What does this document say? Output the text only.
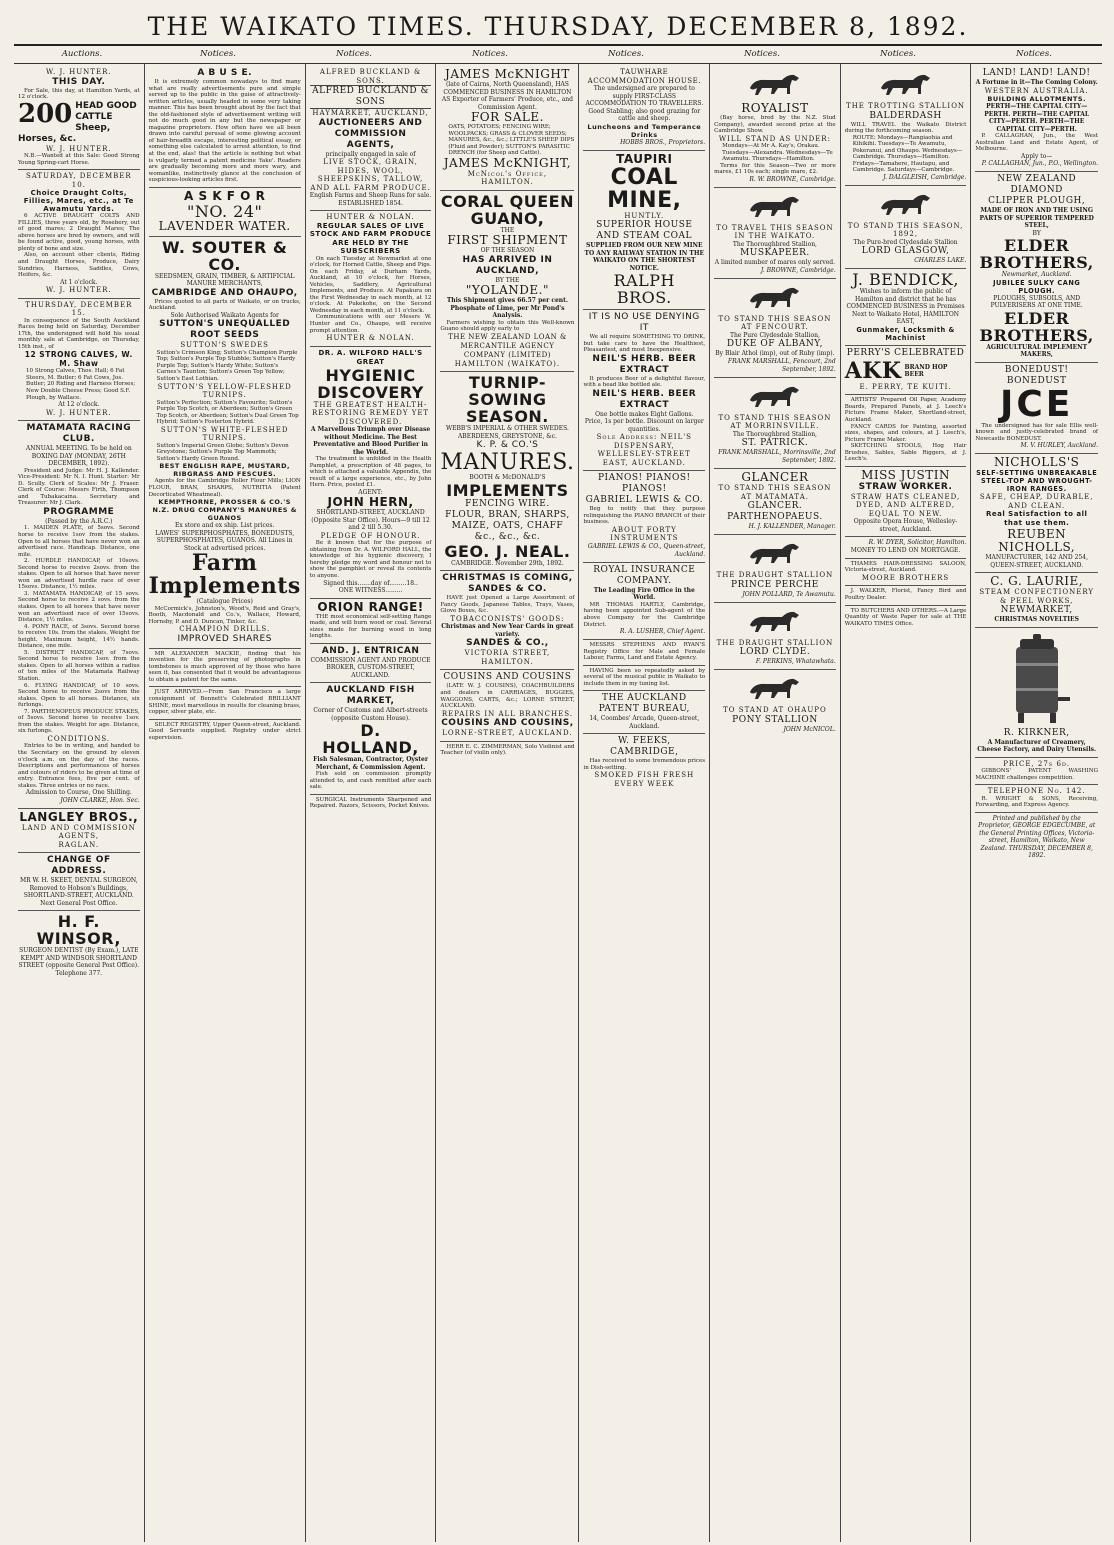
THE WAIKATO TIMES. THURSDAY, DECEMBER 8, 1892.
Auctions.	Notices.	Notices.	Notices.	Notices.	Notices.	Notices.	Notices.
W. J. HUNTER.
THIS DAY.
For Sale, this day, at Hamilton Yards, at 12 o'clock.
200 HEAD GOOD CATTLE Sheep, Horses, &c.
W. J. HUNTER.
N.B.—Wanted at this Sale: Good Strong Young Spring-cart Horse.
SATURDAY, DECEMBER 10.
Choice Draught Colts, Fillies, Mares, etc., at Te Awamutu Yards.
6 ACTIVE DRAUGHT COLTS AND FILLIES, three years old, by Rosebery, out of good mares; 2 Draught Mares; The above horses are bred by owners, and will be found active, good, young horses, with plenty of bone and size.
Also, on account other clients, Riding and Draught Horses, Produce, Dairy Sundries, Harness, Saddles, Cows, Heifers, &c.
At 1 o'clock.
W. J. HUNTER.
THURSDAY, DECEMBER 15.
In consequence of the South Auckland Races being held on Saturday, December 17th, the undersigned will hold his usual monthly sale at Cambridge, on Thursday, 15th inst., of
12 STRONG CALVES, W. M. Shaw
10 Strong Calves, Thos. Hall; 6 Fat Steers, M. Butler; 6 Fat Cows, Jos. Butler; 20 Riding and Harness Horses; New Double Cheese Press; Good S.F. Plough, by Wallace.
At 12 o'clock.
W. J. HUNTER.
MATAMATA RACING CLUB.
ANNUAL MEETING. To be held on BOXING DAY (MONDAY, 26TH DECEMBER, 1892).
President and Judge: Mr H. J. Kallender. Vice-President: Mr N. I. Hunt. Starter: Mr D. Scully. Clerk of Scales: Mr J. Fraser. Clerk of Course: Messrs Firth, Thompson and Tubakacaina. Secretary and Treasurer: Mr J. Clark.
PROGRAMME
(Passed by the A.R.C.)
1. MAIDEN PLATE, of 5sovs. Second horse to receive 1sov from the stakes. Open to all horses that have never won an advertised race. Handicap. Distance, one mile.
2. HURDLE HANDICAP, of 10sovs. Second horse to receive 2sovs. from the stakes. Open to all horses that have never won an advertised hurdle race of over 15sovs. Distance, 1½ miles.
3. MATAMATA HANDICAP, of 15 sovs. Second horse to receive 2 sovs. from the stakes. Open to all horses that have never won an advertised race of over 15sovs. Distance, 1½ miles.
4. PONY RACE, of 3sovs. Second horse to receive 10s. from the stakes. Weight for height. Maximum height, 14½ hands. Distance, one mile.
5. DISTRICT HANDICAP, of 7sovs. Second horse to receive 1sov. from the stakes. Open to all horses within a radius of ten miles of the Matamata Railway Station.
6. FLYING HANDICAP, of 10 sovs. Second horse to receive 2sovs from the stakes. Open to all horses. Distance, six furlongs.
7. PARTHENOPEUS PRODUCE STAKES, of 5sovs. Second horse to receive 1sov. from the stakes. Weight for age. Distance, six furlongs.
CONDITIONS.
Entries to be in writing, and handed to the Secretary on the ground by eleven o'clock a.m. on the day of the races. Descriptions and performances of horses and colours of riders to be given at time of entry. Entrance fees, five per cent. of stakes. Three entries or no race.
Admission to Course, One Shilling.
JOHN CLARKE, Hon. Sec.
LANGLEY BROS.,
LAND AND COMMISSION AGENTS,
RAGLAN.
CHANGE OF ADDRESS.
MR W. H. SKEET, DENTAL SURGEON, Removed to Hobson's Buildings, SHORTLAND-STREET, AUCKLAND. Next General Post Office.
H. F. WINSOR,
SURGEON DENTIST (By Exam.), LATE KEMPT AND WINDSOR SHORTLAND STREET (opposite General Post Office). Telephone 377.
A B U S E.
It is extremely common nowadays to find many what are really advertisements pure and simple served up to the public in the guise of attractively-written articles, usually headed in some very taking manner. This has been brought about by the fact that the old-fashioned style of advertisement writing will not do much good in any but the newspaper or magazine proprietors. How often have we all been drawn into careful perusal of some glowing account of hair-breadth escape, interesting political essay, or something else calculated to arrest attention, to find at the end, alas! that the article is nothing but what is vulgarly termed a patent medicine 'fake'. Readers are gradually becoming more and more wary, and womanlike, instinctively glance at the conclusion of suspicious-looking articles first.
A S K F O R
"NO. 24"
LAVENDER WATER.
W. SOUTER & CO.
SEEDSMEN, GRAIN, TIMBER, & ARTIFICIAL MANURE MERCHANTS,
CAMBRIDGE AND OHAUPO,
Prices quoted to all parts of Waikato, or on trucks, Auckland.
Sole Authorised Waikato Agents for
SUTTON'S UNEQUALLED ROOT SEEDS
SUTTON'S SWEDES
Sutton's Crimson King; Sutton's Champion Purple Top; Sutton's Purple Top Stubble; Sutton's Hardy Purple Top; Sutton's Hardy White; Sutton's Carnes's Taunton; Sutton's Green Top Yellow; Sutton's East Lothian.
SUTTON'S YELLOW-FLESHED TURNIPS.
Sutton's Perfection; Sutton's Favourite; Sutton's Purple Top Scotch, or Aberdeen; Sutton's Green Top Scotch, or Aberdeen; Sutton's Dual Green Top Hybrid; Sutton's Fosterton Hybrid.
SUTTON'S WHITE-FLESHED TURNIPS.
Sutton's Imperial Green Globe; Sutton's Devon Greystone; Sutton's Purple Top Mammoth; Sutton's Hardy Green Round.
BEST ENGLISH RAPE, MUSTARD, RIBGRASS AND FESCUES.
Agents for the Cambridge Roller Flour Mills; LION FLOUR, BRAN, SHARPS, NUTRITIA (Patent Decorticated Wheatmeal).
KEMPTHORNE, PROSSER & CO.'S N.Z. DRUG COMPANY'S MANURES & GUANOS
Ex store and ex ship. List prices.
LAWES' SUPERPHOSPHATES, BONEDUSTS, SUPERPHOSPHATES, GUANOS. All Lines in Stock at advertised prices.
Farm Implements
(Catalogue Prices)
McCormick's, Johnston's, Wood's, Reid and Gray's, Booth, Macdonald and Co.'s, Wallace, Howard, Hornsby, P. and D. Duncan, Tinker, &c.
CHAMPION DRILLS.
IMPROVED SHARES
MR ALEXANDER MACKIE, finding that his invention for the preserving of photographs in tombstones is much approved of by those who have seen it, has consented that it would be advantageous to obtain a patent for the same.
JUST ARRIVED.—From San Francisco a large consignment of Bennett's Celebrated BRILLIANT SHINE, most marvellous in results for cleaning brass, copper, silver plate, etc.
SELECT REGISTRY, Upper Queen-street, Auckland. Good Servants supplied. Registry under strict supervision.
ALFRED BUCKLAND & SONS.
ALFRED BUCKLAND & SONS
HAYMARKET, AUCKLAND,
AUCTIONEERS AND COMMISSION AGENTS,
principally engaged in sale of
LIVE STOCK, GRAIN, HIDES, WOOL, SHEEPSKINS, TALLOW, AND ALL FARM PRODUCE.
English Farms and Sheep Runs for sale.
ESTABLISHED 1854.
HUNTER & NOLAN.
REGULAR SALES OF LIVE STOCK AND FARM PRODUCE ARE HELD BY THE SUBSCRIBERS
On each Tuesday at Newmarket at one o'clock, for Horned Cattle, Sheep and Pigs. On each Friday, at Durham Yards, Auckland, at 10 o'clock, for Horses, Vehicles, Saddlery, Agricultural Implements, and Produce. At Papakura on the First Wednesday in each month, at 12 o'clock. At Pukekohe, on the Second Wednesday in each month, at 11 o'clock.
Communications with our Messrs W. Hunter and Co., Ohaupo, will receive prompt attention.
HUNTER & NOLAN.
DR. A. WILFORD HALL'S GREAT
HYGIENIC DISCOVERY
THE GREATEST HEALTH-RESTORING REMEDY YET DISCOVERED.
A Marvellous Triumph over Disease without Medicine. The Best Preventative and Blood Purifier in the World.
The treatment is unfolded in the Health Pamphlet, a prescription of 48 pages, to which is attached a valuable Appendix, the result of a large experience, etc., by John Hern. Price, posted £1.
AGENT:
JOHN HERN,
SHORTLAND-STREET, AUCKLAND (Opposite Star Office). Hours—9 till 12 and 2 till 5.30.
PLEDGE OF HONOUR.
Be it known that for the purpose of obtaining from Dr. A. WILFORD HALL, the knowledge of his hygienic discovery, I hereby pledge my word and honour not to show the pamphlet or reveal its contents to anyone.
Signed this.......day of.........18..
ONE WITNESS.........
ORION RANGE!
THE most economical self-setting Range made, and will burn wood or coal. Several sizes made for burning wood in long lengths.
AND. J. ENTRICAN
COMMISSION AGENT AND PRODUCE BROKER, CUSTOM-STREET, AUCKLAND.
AUCKLAND FISH MARKET,
Corner of Customs and Albert-streets (opposite Custom House).
D. HOLLAND,
Fish Salesman, Contractor, Oyster Merchant, & Commission Agent.
Fish sold on commission promptly attended to, and cash remitted after each sale.
SURGICAL Instruments Sharpened and Repaired. Razors, Scissors, Pocket Knives.
JAMES McKNIGHT
(late of Cairns, North Queensland), HAS COMMENCED BUSINESS IN HAMILTON AS Exporter of Farmers' Produce, etc., and Commission Agent.
FOR SALE.
OATS, POTATOES; FENCING WIRE; WOOLPACKS; GRASS & CLOVER SEEDS; MANURES, &c., &c.; LITTLE'S SHEEP DIPS (Fluid and Powder); SUTTON'S PARASITIC DRENCH (for Sheep and Cattle).
JAMES McKNIGHT,
McNicol's Office, HAMILTON.
CORAL QUEEN GUANO,
THE
FIRST SHIPMENT
OF THE SEASON
HAS ARRIVED IN AUCKLAND,
BY THE
"YOLANDE."
This Shipment gives 66.57 per cent. Phosphate of Lime, per Mr Pond's Analysis.
Farmers wishing to obtain this Well-known Guano should apply early to
THE NEW ZEALAND LOAN & MERCANTILE AGENCY COMPANY (LIMITED)
HAMILTON (WAIKATO).
TURNIP-SOWING SEASON.
WEBB'S IMPERIAL & OTHER SWEDES. ABERDEENS, GREYSTONE, &c.
K. P. & CO.'S
MANURES.
BOOTH & McDONALD'S
IMPLEMENTS
FENCING WIRE.
FLOUR, BRAN, SHARPS, MAIZE, OATS, CHAFF &c., &c., &c.
GEO. J. NEAL.
CAMBRIDGE. November 29th, 1892.
CHRISTMAS IS COMING,
SANDES & CO.
HAVE just Opened a Large Assortment of Fancy Goods, Japanese Tables, Trays, Vases, Glove Boxes, &c.
TOBACCONISTS' GOODS:
Christmas and New Year Cards in great variety.
SANDES & CO.,
VICTORIA STREET, HAMILTON.
COUSINS AND COUSINS
(LATE W. J. COUSINS), COACHBUILDERS and dealers in CARRIAGES, BUGGIES, WAGGONS, CARTS, &c.; LORNE STREET, AUCKLAND.
REPAIRS IN ALL BRANCHES.
COUSINS AND COUSINS,
LORNE-STREET, AUCKLAND.
HERR E. C. ZIMMERMAN, Solo Violinist and Teacher (of violin only).
TAUWHARE ACCOMMODATION HOUSE.
The undersigned are prepared to supply FIRST-CLASS ACCOMMODATION TO TRAVELLERS.
Good Stabling; also good grazing for cattle and sheep.
Luncheons and Temperance Drinks
HOBBS BROS., Proprietors.
TAUPIRI
COAL MINE,
HUNTLY.
SUPERIOR HOUSE AND STEAM COAL
SUPPLIED FROM OUR NEW MINE TO ANY RAILWAY STATION IN THE WAIKATO ON THE SHORTEST NOTICE.
RALPH BROS.
IT IS NO USE DENYING IT
We all require SOMETHING TO DRINK, but take care to have the Healthiest, Pleasantest, and most Inexpensive.
NEIL'S HERB. BEER EXTRACT
It produces Beer of a delightful flavour, with a head like bottled ale.
NEIL'S HERB. BEER EXTRACT
One bottle makes Eight Gallons.
Price, 1s per bottle. Discount on larger quantities.
Sole Address: NEIL'S DISPENSARY, WELLESLEY-STREET EAST, AUCKLAND.
PIANOS! PIANOS! PIANOS!
GABRIEL LEWIS & CO.
Beg to notify that they purpose relinquishing the PIANO BRANCH of their business.
ABOUT FORTY INSTRUMENTS
GABRIEL LEWIS & CO., Queen-street, Auckland.
ROYAL INSURANCE COMPANY.
The Leading Fire Office in the World.
MR THOMAS HARTLY, Cambridge, having been appointed Sub-agent of the above Company for the Cambridge District.
R. A. LUSHER, Chief Agent.
MESSRS STEPHENS AND RYAN'S Registry Office for Male and Female Labour, Farms, Land and Estate Agency.
HAVING been so repeatedly asked by several of the musical public in Waikato to include them in my tuning list.
THE AUCKLAND PATENT BUREAU,
14, Coombes' Arcade, Queen-street, Auckland.
W. FEEKS, CAMBRIDGE,
Has received to some tremendous prices in Dish-setting.
SMOKED FISH FRESH EVERY WEEK
ROYALIST
(Bay horse, bred by the N.Z. Stud Company), awarded second prize at the Cambridge Show.
WILL STAND AS UNDER:
Mondays—At Mr A. Kay's, Orakau. Tuesdays—Alexandra. Wednesdays—Te Awamutu. Thursdays—Hamilton.
Terms for this Season—Two or more mares, £1 10s each; single mare, £2.
R. W. BROWNE, Cambridge.
TO TRAVEL THIS SEASON IN THE WAIKATO.
The Thoroughbred Stallion,
MUSKAPEER.
A limited number of mares only served.
J. BROWNE, Cambridge.
TO STAND THIS SEASON AT FENCOURT.
The Pure Clydesdale Stallion,
DUKE OF ALBANY,
By Blair Athol (imp), out of Ruby (imp).
FRANK MARSHALL, Fencourt, 2nd September, 1892.
TO STAND THIS SEASON AT MORRINSVILLE.
The Thoroughbred Stallion,
ST. PATRICK.
FRANK MARSHALL, Morrinsville, 2nd September, 1892.
GLANCER
TO STAND THIS SEASON AT MATAMATA.
GLANCER.
PARTHENOPAEUS.
H. J. KALLENDER, Manager.
THE DRAUGHT STALLION
PRINCE PERCHE
JOHN POLLARD, Te Awamutu.
THE DRAUGHT STALLION
LORD CLYDE.
F. PERKINS, Whatawhata.
TO STAND AT OHAUPO
PONY STALLION
JOHN McNICOL.
THE TROTTING STALLION
BALDERDASH
WILL TRAVEL the Waikato District during the forthcoming season.
ROUTE: Mondays—Rangiaohia and Kihikihi. Tuesdays—Te Awamutu, Pokeranui, and Ohaupo. Wednesdays—Cambridge. Thursdays—Hamilton. Fridays—Tamahere, Hautapu, and Cambridge. Saturdays—Cambridge.
J. DALGLEISH, Cambridge.
TO STAND THIS SEASON, 1892,
The Pure-bred Clydesdale Stallion
LORD GLASGOW,
CHARLES LAKE.
J. BENDICK,
Wishes to inform the public of Hamilton and district that he has COMMENCED BUSINESS in Premises Next to Waikato Hotel, HAMILTON EAST,
Gunmaker, Locksmith & Machinist
PERRY'S CELEBRATED
AKK BRAND HOP BEER
E. PERRY, TE KUITI.
ARTISTS' Prepared Oil Paper, Academy Boards, Prepared Panels, at J. Leech's Picture Frame Maker, Shortland-street, Auckland.
FANCY CARDS for Painting, assorted sizes, shapes, and colours, at J. Leech's, Picture Frame Maker.
SKETCHING STOOLS, Hog Hair Brushes, Sables, Sable Riggers, at J. Leech's.
MISS JUSTIN
STRAW WORKER.
STRAW HATS CLEANED, DYED, AND ALTERED, EQUAL TO NEW.
Opposite Opera House, Wellesley-street, Auckland.
R. W. DYER, Solicitor, Hamilton.
MONEY TO LEND ON MORTGAGE.
THAMES HAIR-DRESSING SALOON, Victoria-street, Auckland.
MOORE BROTHERS
J. WALKER, Florist, Fancy Bird and Poultry Dealer.
TO BUTCHERS AND OTHERS.—A Large Quantity of Waste Paper for sale at THE WAIKATO TIMES Office.
LAND! LAND! LAND!
A Fortune in it—The Coming Colony.
WESTERN AUSTRALIA.
BUILDING ALLOTMENTS.
PERTH—THE CAPITAL CITY—PERTH. PERTH—THE CAPITAL CITY—PERTH. PERTH—THE CAPITAL CITY—PERTH.
P. CALLAGHAN, Jun., the West Australian Land and Estate Agent, of Melbourne.
Apply to—
P. CALLAGHAN, Jun., P.O., Wellington.
NEW ZEALAND DIAMOND
CLIPPER PLOUGH,
MADE OF IRON AND THE USING PARTS OF SUPERIOR TEMPERED STEEL,
BY
ELDER BROTHERS,
Newmarket, Auckland.
JUBILEE SULKY CANG PLOUGH.
PLOUGHS, SUBSOILS, AND PULVERISERS AT ONE TIME.
ELDER BROTHERS,
AGRICULTURAL IMPLEMENT MAKERS,
BONEDUST! BONEDUST
JCE
The undersigned has for sale Ellis well-known and justly-celebrated brand of Newcastle BONEDUST.
M. V. HURLEY, Auckland.
NICHOLLS'S
SELF-SETTING UNBREAKABLE STEEL-TOP AND WROUGHT-IRON RANGES.
SAFE, CHEAP, DURABLE, AND CLEAN.
Real Satisfaction to all that use them.
REUBEN NICHOLLS,
MANUFACTURER, 142 AND 254, QUEEN-STREET, AUCKLAND.
C. G. LAURIE,
STEAM CONFECTIONERY & PEEL WORKS,
NEWMARKET,
CHRISTMAS NOVELTIES
R. KIRKNER,
A Manufacturer of Creamery, Cheese Factory, and Dairy Utensils.
PRICE, 27s 6d.
GIBBONS' PATENT WASHING MACHINE challenges competition.
TELEPHONE No. 142.
R. WRIGHT & SONS, Receiving, Forwarding, and Express Agency.
Printed and published by the Proprietor, GEORGE EDGECUMBE, at the General Printing Offices, Victoria-street, Hamilton, Waikato, New Zealand. THURSDAY, DECEMBER 8, 1892.
